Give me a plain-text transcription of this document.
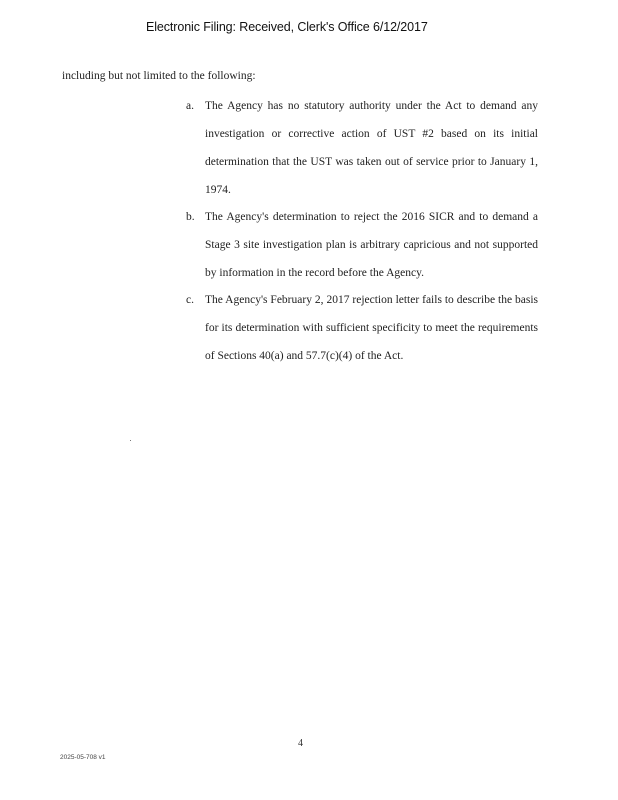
Electronic Filing: Received, Clerk's Office 6/12/2017
including but not limited to the following:
a. The Agency has no statutory authority under the Act to demand any investigation or corrective action of UST #2 based on its initial determination that the UST was taken out of service prior to January 1, 1974.
b. The Agency's determination to reject the 2016 SICR and to demand a Stage 3 site investigation plan is arbitrary capricious and not supported by information in the record before the Agency.
c. The Agency's February 2, 2017 rejection letter fails to describe the basis for its determination with sufficient specificity to meet the requirements of Sections 40(a) and 57.7(c)(4) of the Act.
4
2025-05-708 v1
